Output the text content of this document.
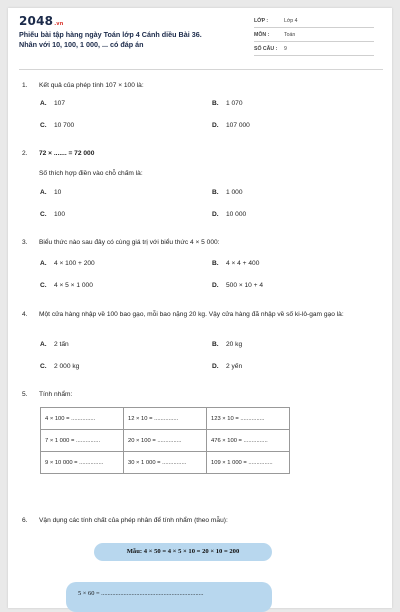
2048.vn
Phiếu bài tập hàng ngày Toán lớp 4 Cánh diều Bài 36. Nhân với 10, 100, 1 000, ... có đáp án
LỚP :	Lớp 4
MÔN :	Toán
SỐ CÂU : 9
1. Kết quả của phép tính 107 × 100 là:
A. 107	B. 1 070
C. 10 700	D. 107 000
2. 72 × ....... = 72 000
Số thích hợp điền vào chỗ chấm là:
A. 10	B. 1 000
C. 100	D. 10 000
3. Biểu thức nào sau đây có cùng giá trị với biểu thức 4 × 5 000:
A. 4 × 100 + 200	B. 4 × 4 + 400
C. 4 × 5 × 1 000	D. 500 × 10 + 4
4. Một cửa hàng nhập về 100 bao gạo, mỗi bao nặng 20 kg. Vậy cửa hàng đã nhập về số ki-lô-gam gạo là:
A. 2 tấn	B. 20 kg
C. 2 000 kg	D. 2 yến
5. Tính nhẩm:
4 × 100 = ...............	12 × 10 = ...............	123 × 10 = ...............
7 × 1 000 = ...............	20 × 100 = ...............	476 × 100 = ...............
9 × 10 000 = ...............	30 × 1 000 = ...............	109 × 1 000 = ...............
6. Vận dụng các tính chất của phép nhân để tính nhẩm (theo mẫu):
Mẫu: 4 × 50 = 4 × 5 × 10 = 20 × 10 = 200
5 × 60 = ................................................................
